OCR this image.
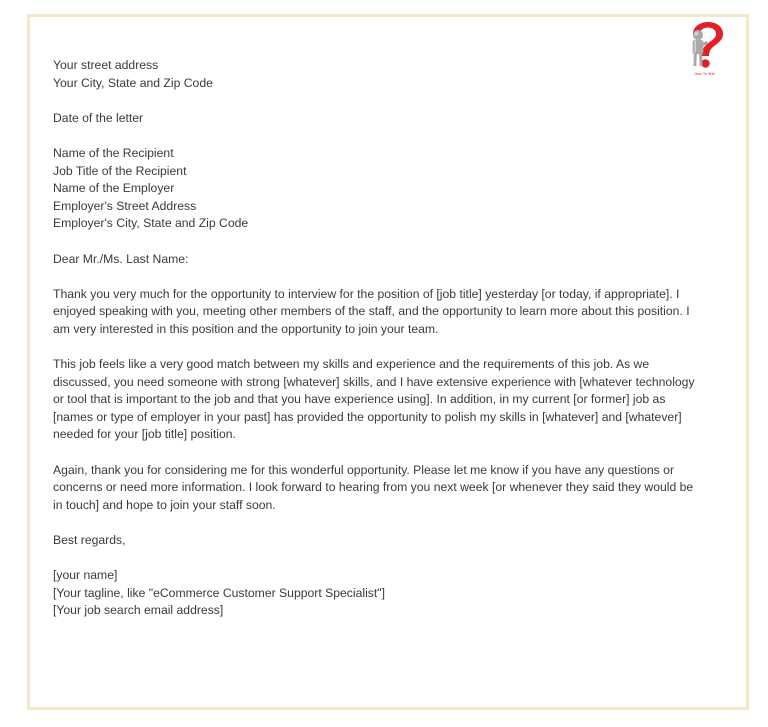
How To Wiki
Your street address
Your City, State and Zip Code
Date of the letter
Name of the Recipient
Job Title of the Recipient
Name of the Employer
Employer's Street Address
Employer's City, State and Zip Code
Dear Mr./Ms. Last Name:

Thank you very much for the opportunity to interview for the position of [job title] yesterday [or today, if appropriate]. I enjoyed speaking with you, meeting other members of the staff, and the opportunity to learn more about this position. I am very interested in this position and the opportunity to join your team.

This job feels like a very good match between my skills and experience and the requirements of this job. As we discussed, you need someone with strong [whatever] skills, and I have extensive experience with [whatever technology or tool that is important to the job and that you have experience using]. In addition, in my current [or former] job as [names or type of employer in your past] has provided the opportunity to polish my skills in [whatever] and [whatever] needed for your [job title] position.

Again, thank you for considering me for this wonderful opportunity. Please let me know if you have any questions or concerns or need more information. I look forward to hearing from you next week [or whenever they said they would be in touch] and hope to join your staff soon.

Best regards,
[your name]
[Your tagline, like "eCommerce Customer Support Specialist"]
[Your job search email address]
